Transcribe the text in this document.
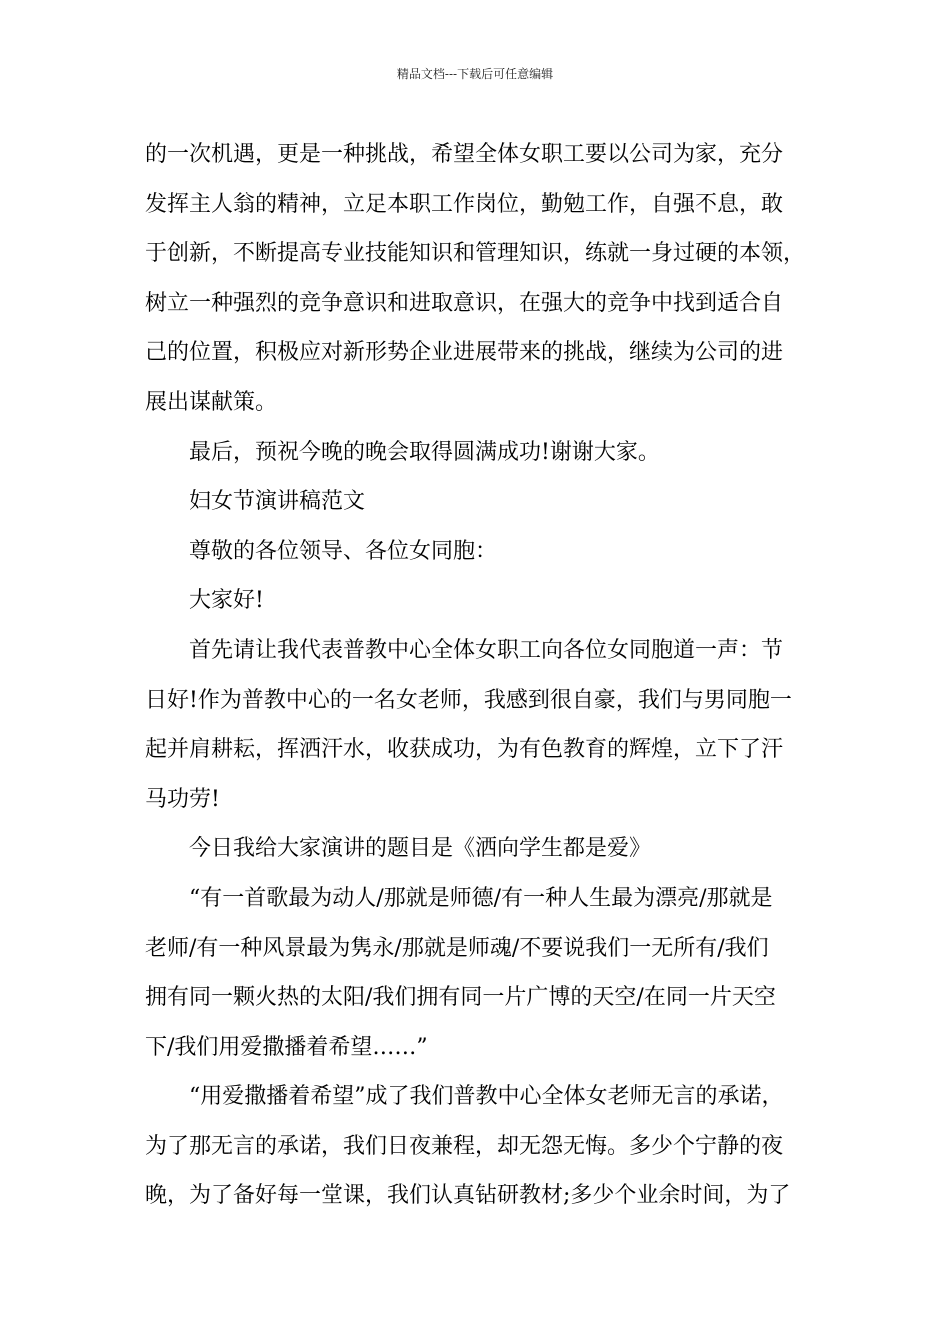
精品文档---下载后可任意编辑
的一次机遇，更是一种挑战，希望全体女职工要以公司为家，充分
发挥主人翁的精神，立足本职工作岗位，勤勉工作，自强不息，敢
于创新，不断提高专业技能知识和管理知识，练就一身过硬的本领，
树立一种强烈的竞争意识和进取意识，在强大的竞争中找到适合自
己的位置，积极应对新形势企业进展带来的挑战，继续为公司的进
展出谋献策。
最后，预祝今晚的晚会取得圆满成功!谢谢大家。
妇女节演讲稿范文
尊敬的各位领导、各位女同胞：
大家好!
首先请让我代表普教中心全体女职工向各位女同胞道一声：节
日好!作为普教中心的一名女老师，我感到很自豪，我们与男同胞一
起并肩耕耘，挥洒汗水，收获成功，为有色教育的辉煌，立下了汗
马功劳!
今日我给大家演讲的题目是《洒向学生都是爱》
“有一首歌最为动人/那就是师德/有一种人生最为漂亮/那就是
老师/有一种风景最为隽永/那就是师魂/不要说我们一无所有/我们
拥有同一颗火热的太阳/我们拥有同一片广博的天空/在同一片天空
下/我们用爱撒播着希望……”
“用爱撒播着希望”成了我们普教中心全体女老师无言的承诺，
为了那无言的承诺，我们日夜兼程，却无怨无悔。多少个宁静的夜
晚，为了备好每一堂课，我们认真钻研教材;多少个业余时间，为了
